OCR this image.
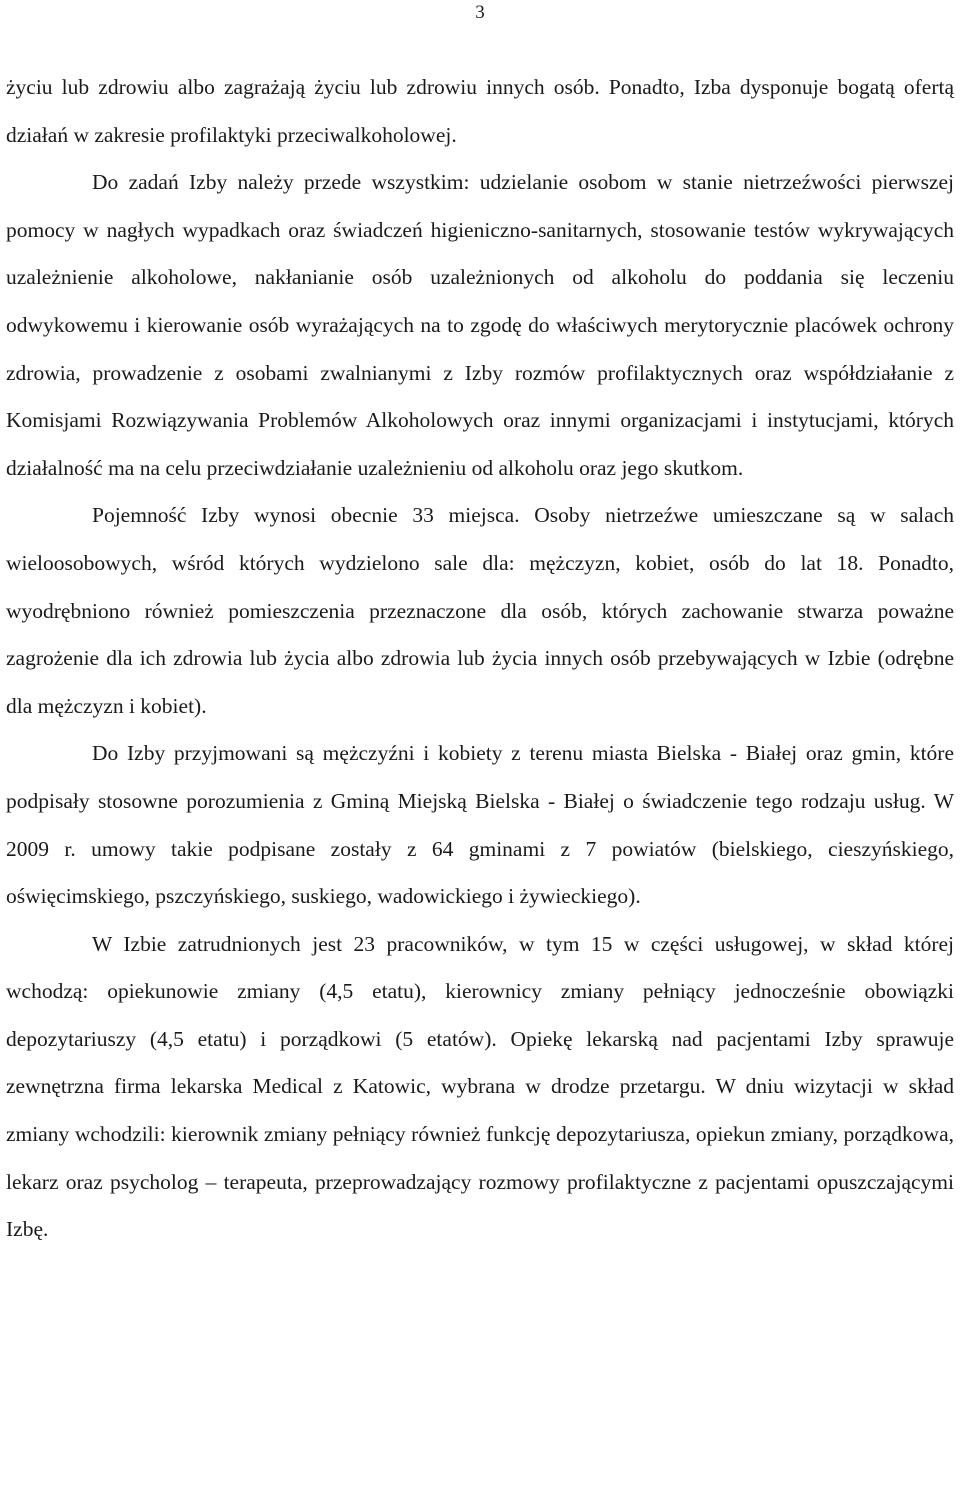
3

życiu lub zdrowiu albo zagrażają życiu lub zdrowiu innych osób. Ponadto, Izba dysponuje bogatą ofertą działań w zakresie profilaktyki przeciwalkoholowej.

Do zadań Izby należy przede wszystkim: udzielanie osobom w stanie nietrzeźwości pierwszej pomocy w nagłych wypadkach oraz świadczeń higieniczno-sanitarnych, stosowanie testów wykrywających uzależnienie alkoholowe, nakłanianie osób uzależnionych od alkoholu do poddania się leczeniu odwykowemu i kierowanie osób wyrażających na to zgodę do właściwych merytorycznie placówek ochrony zdrowia, prowadzenie z osobami zwalnianymi z Izby rozmów profilaktycznych oraz współdziałanie z Komisjami Rozwiązywania Problemów Alkoholowych oraz innymi organizacjami i instytucjami, których działalność ma na celu przeciwdziałanie uzależnieniu od alkoholu oraz jego skutkom.

Pojemność Izby wynosi obecnie 33 miejsca. Osoby nietrzeźwe umieszczane są w salach wieloosobowych, wśród których wydzielono sale dla: mężczyzn, kobiet, osób do lat 18. Ponadto, wyodrębniono również pomieszczenia przeznaczone dla osób, których zachowanie stwarza poważne zagrożenie dla ich zdrowia lub życia albo zdrowia lub życia innych osób przebywających w Izbie (odrębne dla mężczyzn i kobiet).

Do Izby przyjmowani są mężczyźni i kobiety z terenu miasta Bielska - Białej oraz gmin, które podpisały stosowne porozumienia z Gminą Miejską Bielska - Białej o świadczenie tego rodzaju usług. W 2009 r. umowy takie podpisane zostały z 64 gminami z 7 powiatów (bielskiego, cieszyńskiego, oświęcimskiego, pszczyńskiego, suskiego, wadowickiego i żywieckiego).

W Izbie zatrudnionych jest 23 pracowników, w tym 15 w części usługowej, w skład której wchodzą: opiekunowie zmiany (4,5 etatu), kierownicy zmiany pełniący jednocześnie obowiązki depozytariuszy (4,5 etatu) i porządkowi (5 etatów). Opiekę lekarską nad pacjentami Izby sprawuje zewnętrzna firma lekarska Medical z Katowic, wybrana w drodze przetargu. W dniu wizytacji w skład zmiany wchodzili: kierownik zmiany pełniący również funkcję depozytariusza, opiekun zmiany, porządkowa, lekarz oraz psycholog – terapeuta, przeprowadzający rozmowy profilaktyczne z pacjentami opuszczającymi Izbę.
